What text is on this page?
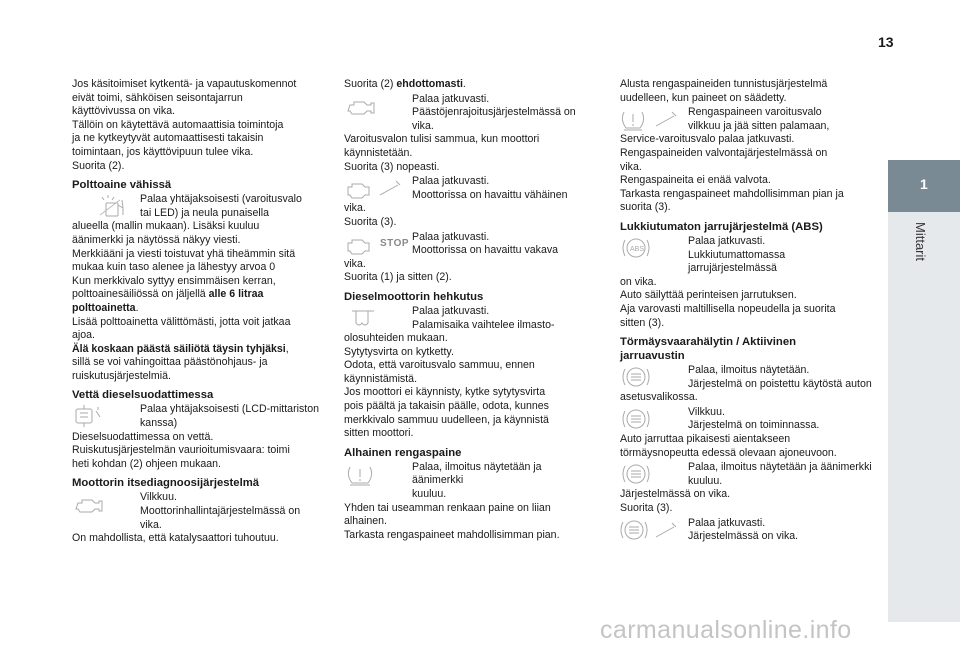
13
1
Mittarit

Jos käsitoimiset kytkentä- ja vapautuskomennot

eivät toimi, sähköisen seisontajarrun

käyttövivussa on vika.

Tällöin on käytettävä automaattisia toimintoja

ja ne kytkeytyvät automaattisesti takaisin

toimintaan, jos käyttövipuun tulee vika.

Suorita (2).

Polttoaine vähissä

Palaa yhtäjaksoisesti (varoitusvalo

tai LED) ja neula punaisella

alueella (mallin mukaan). Lisäksi kuuluu

äänimerkki ja näytössä näkyy viesti.

Merkkiääni ja viesti toistuvat yhä tiheämmin sitä

mukaa kuin taso alenee ja lähestyy arvoa 0

Kun merkkivalo syttyy ensimmäisen kerran,

polttoainesäiliössä on jäljellä alle 6 litraa

polttoainetta.

Lisää polttoainetta välittömästi, jotta voit jatkaa

ajoa.

Älä koskaan päästä säiliötä täysin tyhjäksi,

sillä se voi vahingoittaa päästönohjaus- ja

ruiskutusjärjestelmiä.

Vettä dieselsuodattimessa

Palaa yhtäjaksoisesti (LCD-mittariston

kanssa)

Dieselsuodattimessa on vettä.

Ruiskutusjärjestelmän vaurioitumisvaara: toimi

heti kohdan (2) ohjeen mukaan.

Moottorin itsediagnoosijärjestelmä

Vilkkuu.

Moottorinhallintajärjestelmässä on vika.

On mahdollista, että katalysaattori tuhoutuu.

Suorita (2) ehdottomasti.

Palaa jatkuvasti.

Päästöjenrajoitusjärjestelmässä on vika.

Varoitusvalon tulisi sammua, kun moottori

käynnistetään.

Suorita (3) nopeasti.

Palaa jatkuvasti.

Moottorissa on havaittu vähäinen

vika.

Suorita (3).

STOP

Palaa jatkuvasti.

Moottorissa on havaittu vakava

vika.

Suorita (1) ja sitten (2).

Dieselmoottorin hehkutus

Palaa jatkuvasti.

Palamisaika vaihtelee ilmasto-

olosuhteiden mukaan.

Sytytysvirta on kytketty.

Odota, että varoitusvalo sammuu, ennen

käynnistämistä.

Jos moottori ei käynnisty, kytke sytytysvirta

pois päältä ja takaisin päälle, odota, kunnes

merkkivalo sammuu uudelleen, ja käynnistä

sitten moottori.

Alhainen rengaspaine

Palaa, ilmoitus näytetään ja äänimerkki

kuuluu.

Yhden tai useamman renkaan paine on liian

alhainen.

Tarkasta rengaspaineet mahdollisimman pian.

Alusta rengaspaineiden tunnistusjärjestelmä

uudelleen, kun paineet on säädetty.

Rengaspaineen varoitusvalo

vilkkuu ja jää sitten palamaan,

Service-varoitusvalo palaa jatkuvasti.

Rengaspaineiden valvontajärjestelmässä on

vika.

Rengaspaineita ei enää valvota.

Tarkasta rengaspaineet mahdollisimman pian ja

suorita (3).

Lukkiutumaton jarrujärjestelmä (ABS)
ABS

Palaa jatkuvasti.

Lukkiutumattomassa jarrujärjestelmässä

on vika.

Auto säilyttää perinteisen jarrutuksen.

Aja varovasti maltillisella nopeudella ja suorita

sitten (3).

Törmäysvaarahälytin / Aktiivinen
jarruavustin

Palaa, ilmoitus näytetään.

Järjestelmä on poistettu käytöstä auton

asetusvalikossa.

Vilkkuu.

Järjestelmä on toiminnassa.

Auto jarruttaa pikaisesti aientakseen

törmäysnopeutta edessä olevaan ajoneuvoon.

Palaa, ilmoitus näytetään ja äänimerkki

kuuluu.

Järjestelmässä on vika.

Suorita (3).

Palaa jatkuvasti.

Järjestelmässä on vika.

carmanualsonline.info
